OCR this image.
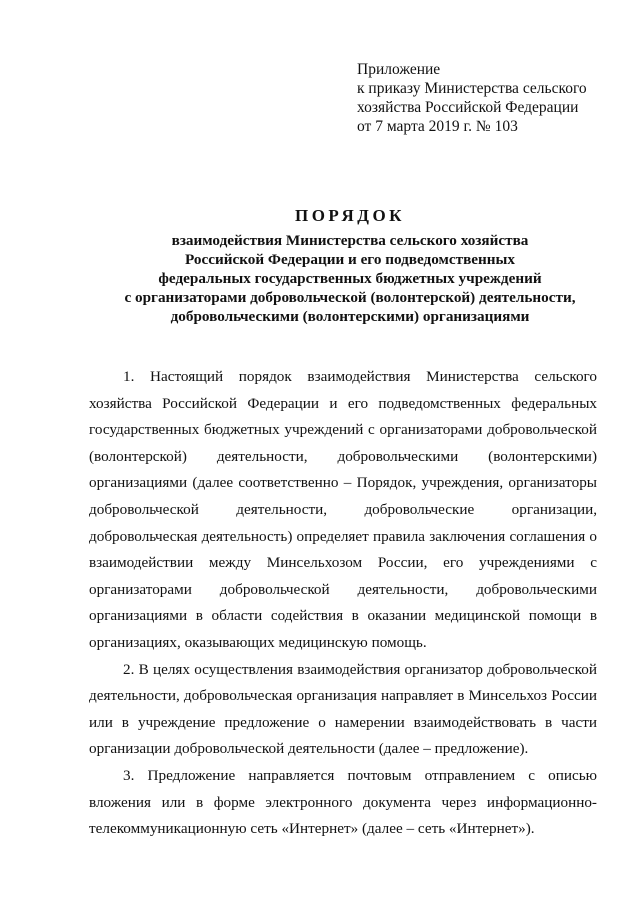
Приложение
к приказу Министерства сельского
хозяйства Российской Федерации
от 7 марта 2019 г. № 103
ПОРЯДОК
взаимодействия Министерства сельского хозяйства
Российской Федерации и его подведомственных
федеральных государственных бюджетных учреждений
с организаторами добровольческой (волонтерской) деятельности,
добровольческими (волонтерскими) организациями

1. Настоящий порядок взаимодействия Министерства сельского хозяйства Российской Федерации и его подведомственных федеральных государственных бюджетных учреждений с организаторами добровольческой (волонтерской) деятельности, добровольческими (волонтерскими) организациями (далее соответственно – Порядок, учреждения, организаторы добровольческой деятельности, добровольческие организации, добровольческая деятельность) определяет правила заключения соглашения о взаимодействии между Минсельхозом России, его учреждениями с организаторами добровольческой деятельности, добровольческими организациями в области содействия в оказании медицинской помощи в организациях, оказывающих медицинскую помощь.

2. В целях осуществления взаимодействия организатор добровольческой деятельности, добровольческая организация направляет в Минсельхоз России или в учреждение предложение о намерении взаимодействовать в части организации добровольческой деятельности (далее – предложение).

3. Предложение направляется почтовым отправлением с описью вложения или в форме электронного документа через информационно-телекоммуникационную сеть «Интернет» (далее – сеть «Интернет»).
